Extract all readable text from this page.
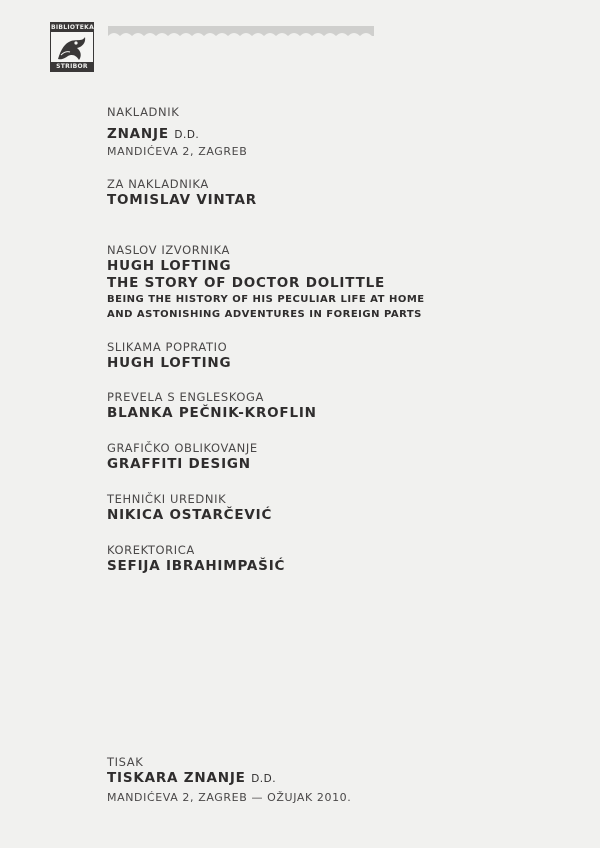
BIBLIOTEKA
STRIBOR
NAKLADNIK
ZNANJE D.D.
MANDIĆEVA 2, ZAGREB
ZA NAKLADNIKA
TOMISLAV VINTAR
NASLOV IZVORNIKA
HUGH LOFTING
THE STORY OF DOCTOR DOLITTLE
BEING THE HISTORY OF HIS PECULIAR LIFE AT HOME
AND ASTONISHING ADVENTURES IN FOREIGN PARTS
SLIKAMA POPRATIO
HUGH LOFTING
PREVELA S ENGLESKOGA
BLANKA PEČNIK-KROFLIN
GRAFIČKO OBLIKOVANJE
GRAFFITI DESIGN
TEHNIČKI UREDNIK
NIKICA OSTARČEVIĆ
KOREKTORICA
SEFIJA IBRAHIMPAŠIĆ
TISAK
TISKARA ZNANJE D.D.
MANDIĆEVA 2, ZAGREB — OŽUJAK 2010.
